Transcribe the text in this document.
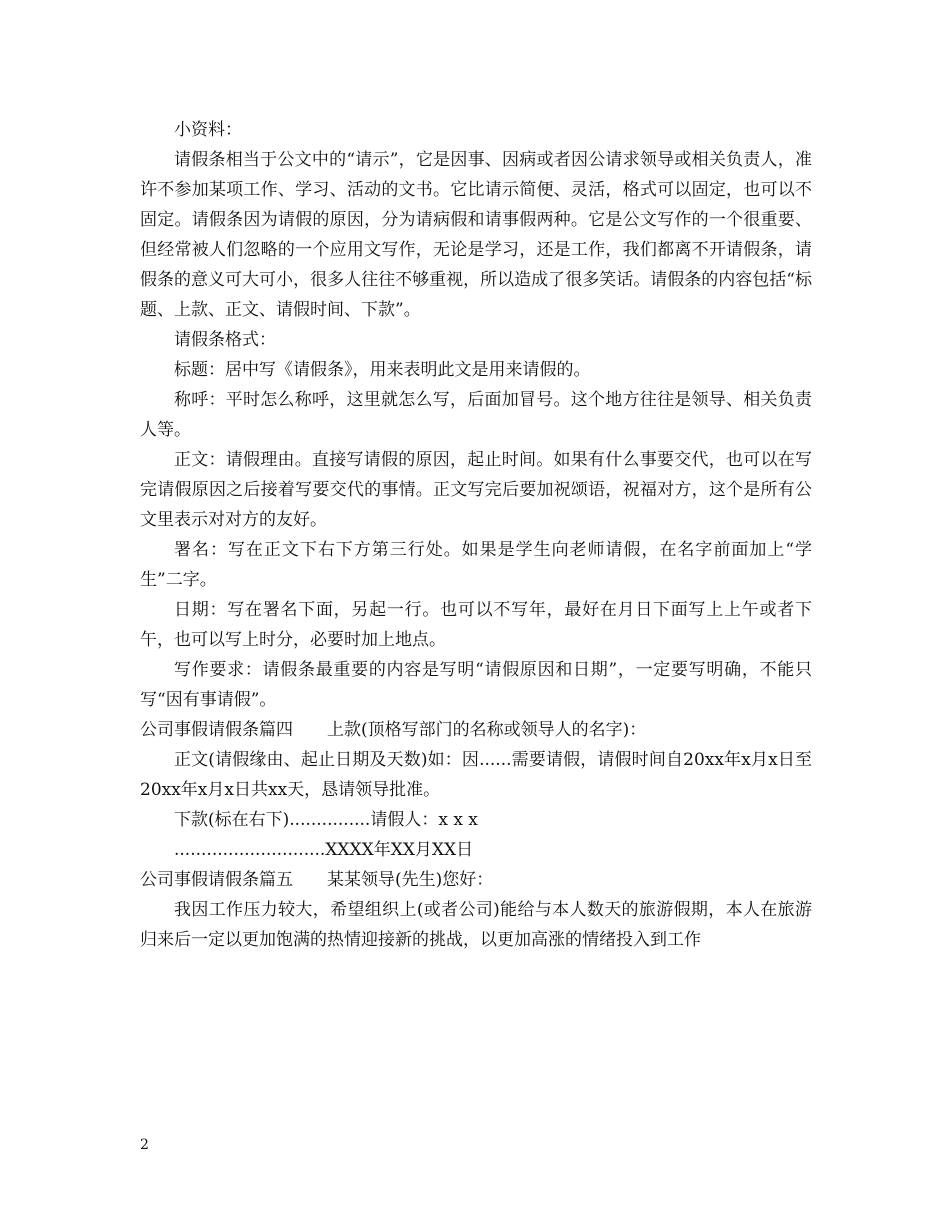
小资料：

请假条相当于公文中的“请示”，它是因事、因病或者因公请求领导或相关负责人，准许不参加某项工作、学习、活动的文书。它比请示简便、灵活，格式可以固定，也可以不固定。请假条因为请假的原因，分为请病假和请事假两种。它是公文写作的一个很重要、但经常被人们忽略的一个应用文写作，无论是学习，还是工作，我们都离不开请假条，请假条的意义可大可小，很多人往往不够重视，所以造成了很多笑话。请假条的内容包括“标题、上款、正文、请假时间、下款”。

请假条格式：

标题：居中写《请假条》，用来表明此文是用来请假的。

称呼：平时怎么称呼，这里就怎么写，后面加冒号。这个地方往往是领导、相关负责人等。

正文：请假理由。直接写请假的原因，起止时间。如果有什么事要交代，也可以在写完请假原因之后接着写要交代的事情。正文写完后要加祝颂语，祝福对方，这个是所有公文里表示对对方的友好。

署名：写在正文下右下方第三行处。如果是学生向老师请假，在名字前面加上“学生”二字。

日期：写在署名下面，另起一行。也可以不写年，最好在月日下面写上上午或者下午，也可以写上时分，必要时加上地点。

写作要求：请假条最重要的内容是写明“请假原因和日期”，一定要写明确，不能只写“因有事请假”。

公司事假请假条篇四 上款(顶格写部门的名称或领导人的名字)：

正文(请假缘由、起止日期及天数)如：因......需要请假，请假时间自20xx年x月x日至20xx年x月x日共xx天，恳请领导批准。

下款(标在右下)...............请假人：x x x

............................XXXX年XX月XX日

公司事假请假条篇五 某某领导(先生)您好：

我因工作压力较大，希望组织上(或者公司)能给与本人数天的旅游假期，本人在旅游归来后一定以更加饱满的热情迎接新的挑战，以更加高涨的情绪投入到工作

2
